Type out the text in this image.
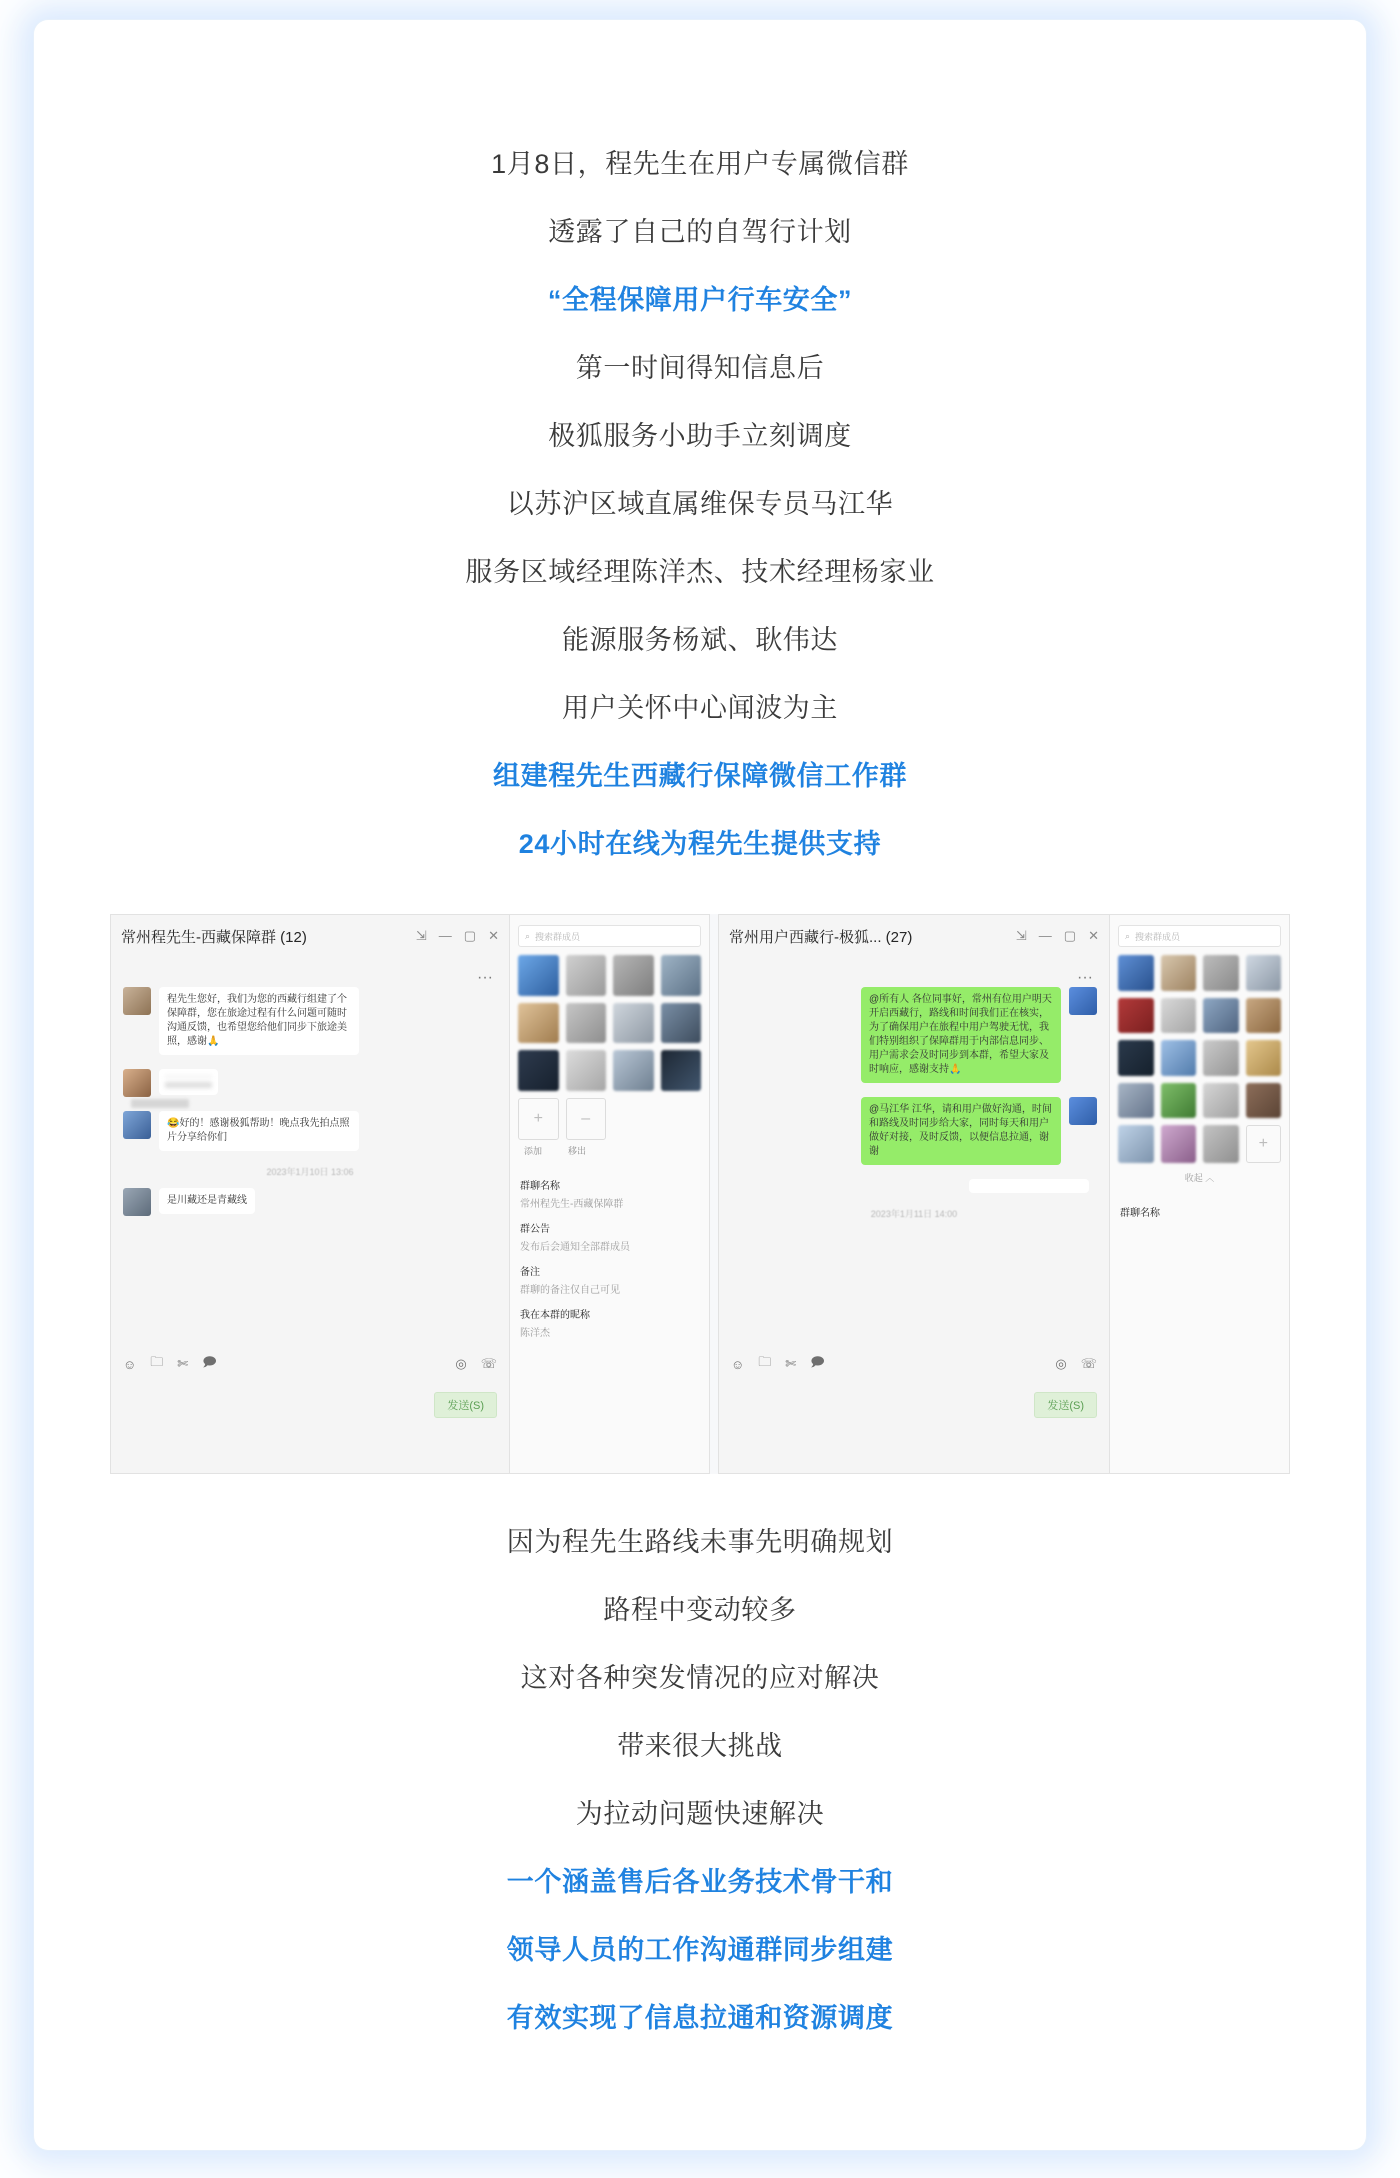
1月8日，程先生在用户专属微信群
透露了自己的自驾行计划
“全程保障用户行车安全”
第一时间得知信息后
极狐服务小助手立刻调度
以苏沪区域直属维保专员马江华
服务区域经理陈洋杰、技术经理杨家业
能源服务杨斌、耿伟达
用户关怀中心闻波为主
组建程先生西藏行保障微信工作群
24小时在线为程先生提供支持
常州程先生-西藏保障群 (12)	⇲ — ▢ ✕
···
程先生您好，我们为您的西藏行组建了个保障群，您在旅途过程有什么问题可随时沟通反馈，也希望您给他们同步下旅途美照，感谢🙏
😂好的！感谢极狐帮助！晚点我先拍点照片分享给你们
2023年1月10日 13:06
是川藏还是青藏线
☺ 🗀 ✄ 🗩	◎ ☏
发送(S)
⌕ 搜索群成员
+
–
添加	移出
群聊名称
常州程先生-西藏保障群
群公告
发布后会通知全部群成员
备注
群聊的备注仅自己可见
我在本群的昵称
陈洋杰
常州用户西藏行-极狐... (27)	⇲ — ▢ ✕
···
@所有人 各位同事好，常州有位用户明天开启西藏行，路线和时间我们正在核实，为了确保用户在旅程中用户驾驶无忧，我们特别组织了保障群用于内部信息同步、用户需求会及时同步到本群，希望大家及时响应，感谢支持🙏
@马江华 江华，请和用户做好沟通，时间和路线及时同步给大家，同时每天和用户做好对接，及时反馈，以便信息拉通，谢谢
2023年1月11日 14:00
☺ 🗀 ✄ 🗩	◎ ☏
发送(S)
⌕ 搜索群成员
+
收起 ︿
群聊名称
因为程先生路线未事先明确规划
路程中变动较多
这对各种突发情况的应对解决
带来很大挑战
为拉动问题快速解决
一个涵盖售后各业务技术骨干和
领导人员的工作沟通群同步组建
有效实现了信息拉通和资源调度
